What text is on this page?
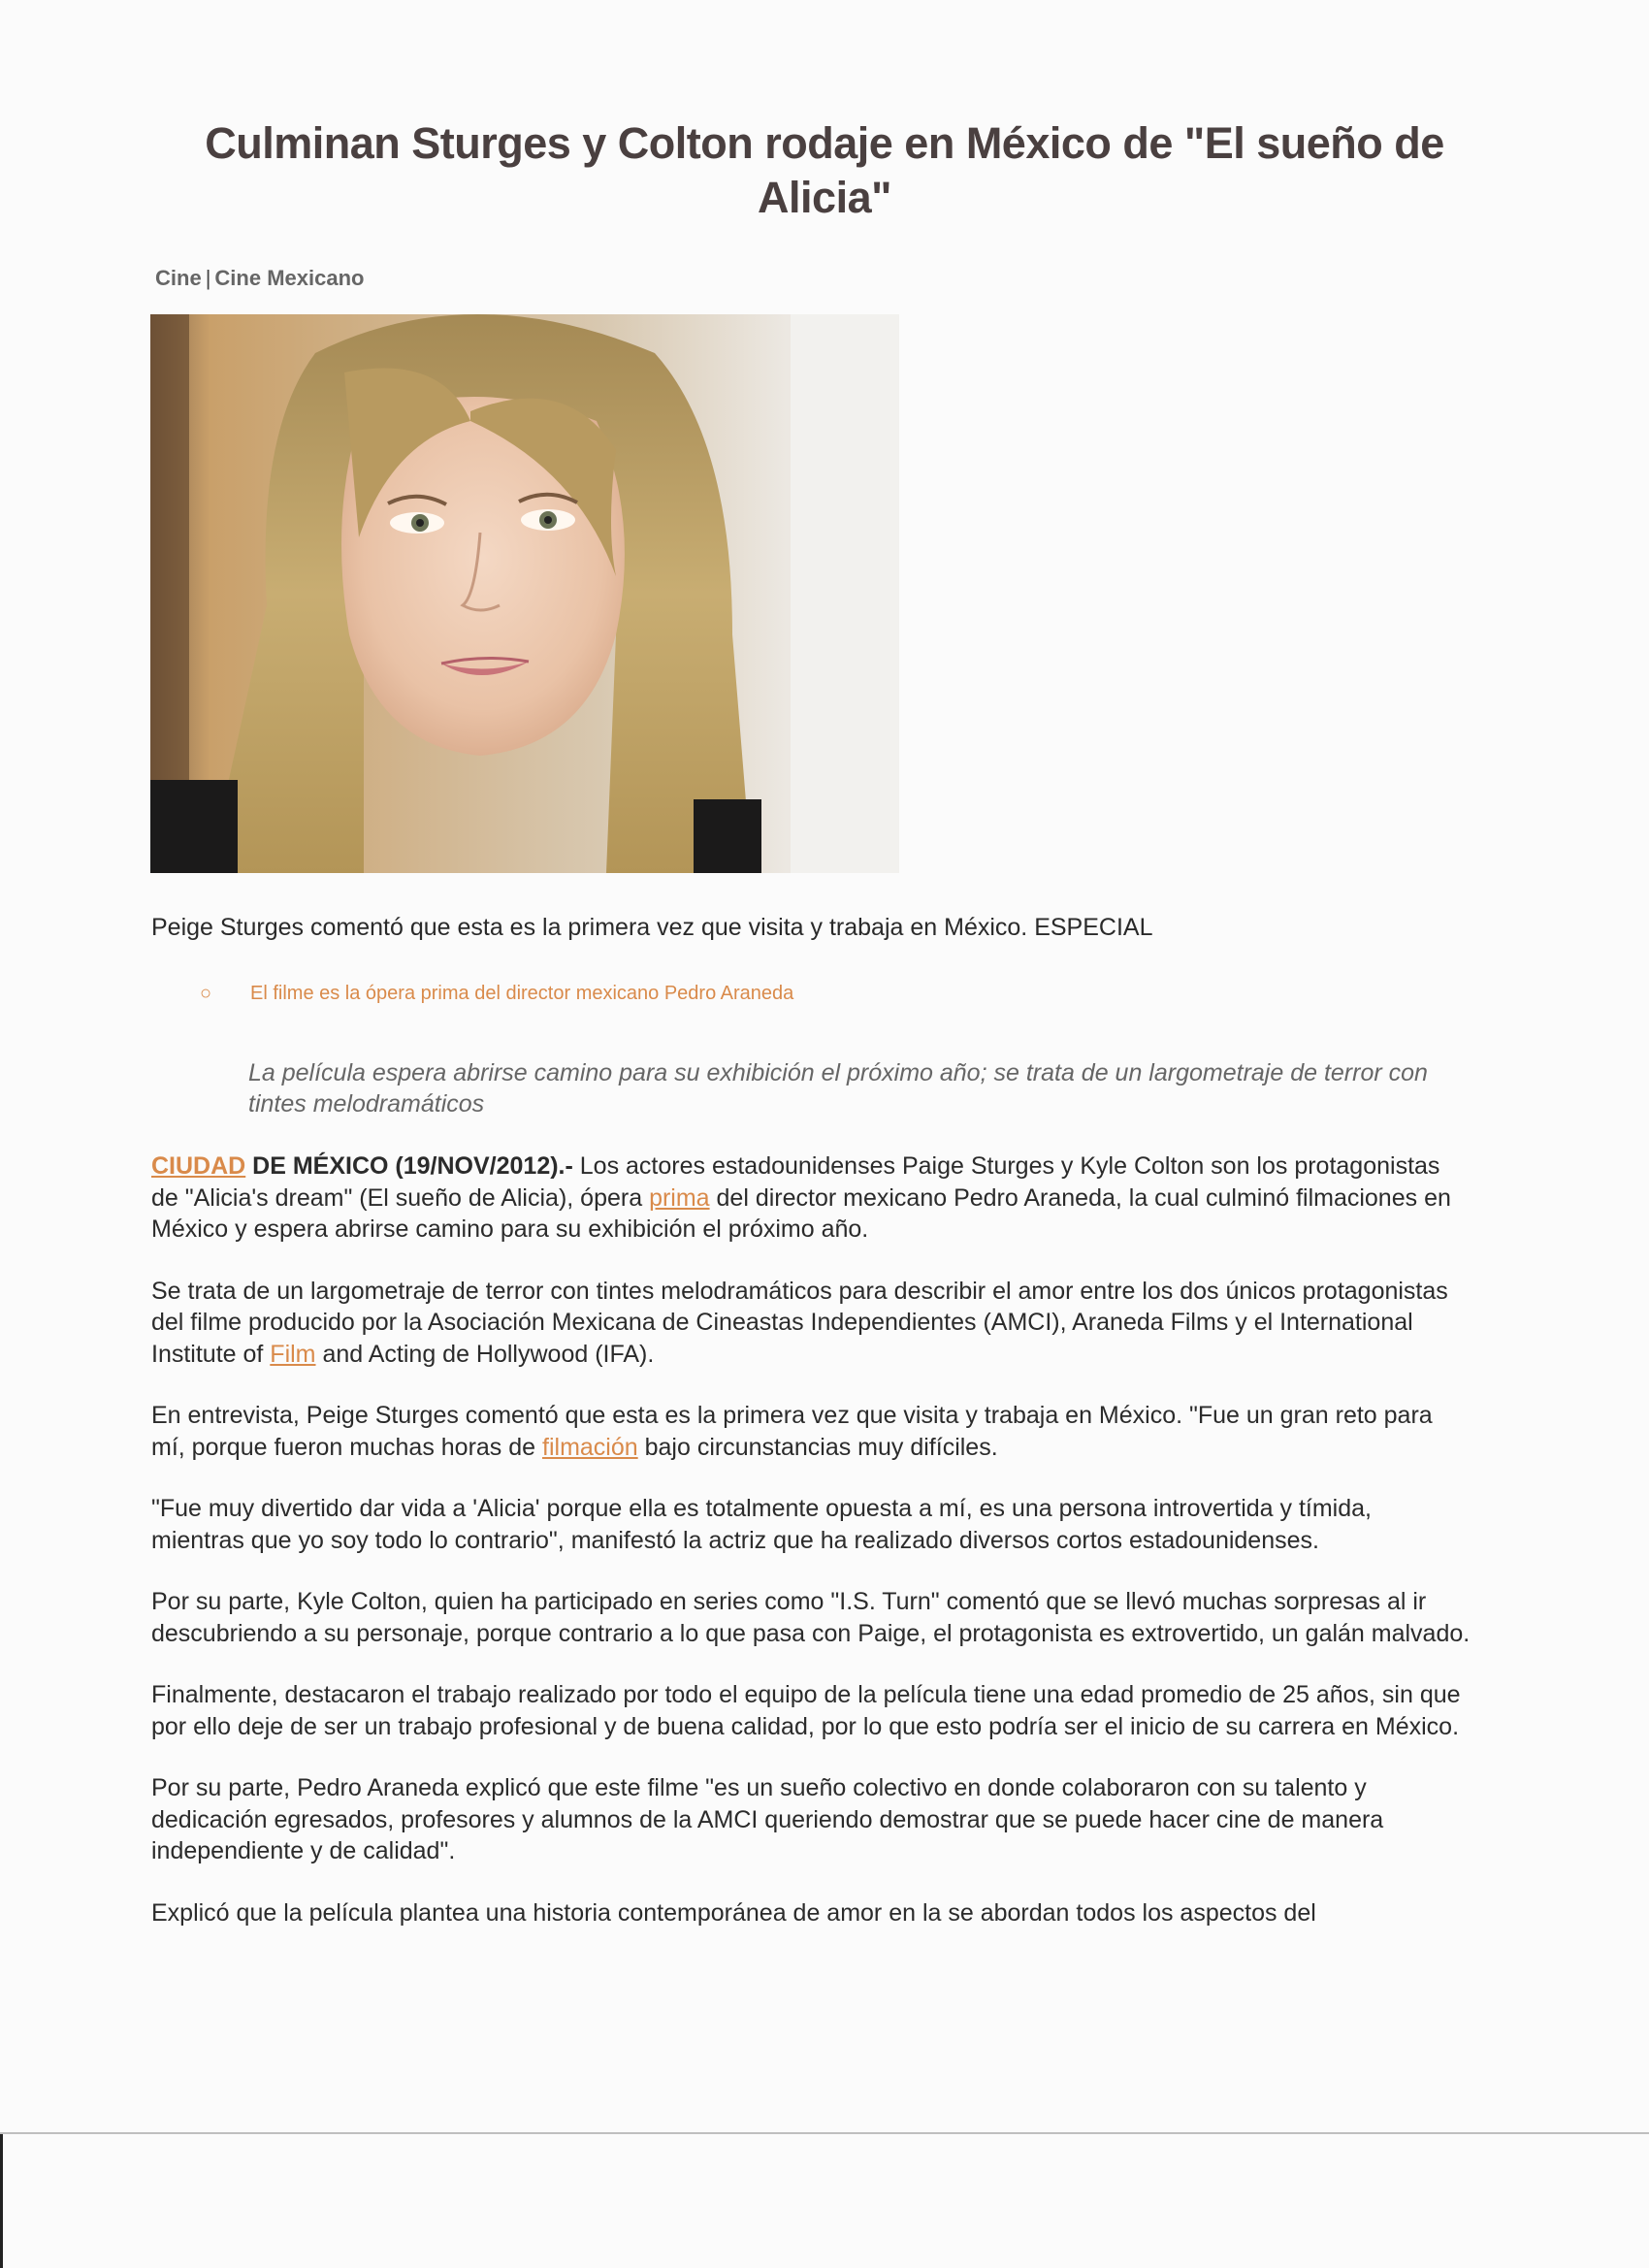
Culminan Sturges y Colton rodaje en México de "El sueño de Alicia"
Cine | Cine Mexicano
Peige Sturges comentó que esta es la primera vez que visita y trabaja en México. ESPECIAL
○ El filme es la ópera prima del director mexicano Pedro Araneda

La película espera abrirse camino para su exhibición el próximo año; se trata de un largometraje de terror con tintes melodramáticos

CIUDAD DE MÉXICO (19/NOV/2012).- Los actores estadounidenses Paige Sturges y Kyle Colton son los protagonistas de "Alicia's dream" (El sueño de Alicia), ópera prima del director mexicano Pedro Araneda, la cual culminó filmaciones en México y espera abrirse camino para su exhibición el próximo año.

Se trata de un largometraje de terror con tintes melodramáticos para describir el amor entre los dos únicos protagonistas del filme producido por la Asociación Mexicana de Cineastas Independientes (AMCI), Araneda Films y el International Institute of Film and Acting de Hollywood (IFA).

En entrevista, Peige Sturges comentó que esta es la primera vez que visita y trabaja en México. "Fue un gran reto para mí, porque fueron muchas horas de filmación bajo circunstancias muy difíciles.

"Fue muy divertido dar vida a 'Alicia' porque ella es totalmente opuesta a mí, es una persona introvertida y tímida, mientras que yo soy todo lo contrario", manifestó la actriz que ha realizado diversos cortos estadounidenses.

Por su parte, Kyle Colton, quien ha participado en series como "I.S. Turn" comentó que se llevó muchas sorpresas al ir descubriendo a su personaje, porque contrario a lo que pasa con Paige, el protagonista es extrovertido, un galán malvado.

Finalmente, destacaron el trabajo realizado por todo el equipo de la película tiene una edad promedio de 25 años, sin que por ello deje de ser un trabajo profesional y de buena calidad, por lo que esto podría ser el inicio de su carrera en México.

Por su parte, Pedro Araneda explicó que este filme "es un sueño colectivo en donde colaboraron con su talento y dedicación egresados, profesores y alumnos de la AMCI queriendo demostrar que se puede hacer cine de manera independiente y de calidad".

Explicó que la película plantea una historia contemporánea de amor en la se abordan todos los aspectos del
